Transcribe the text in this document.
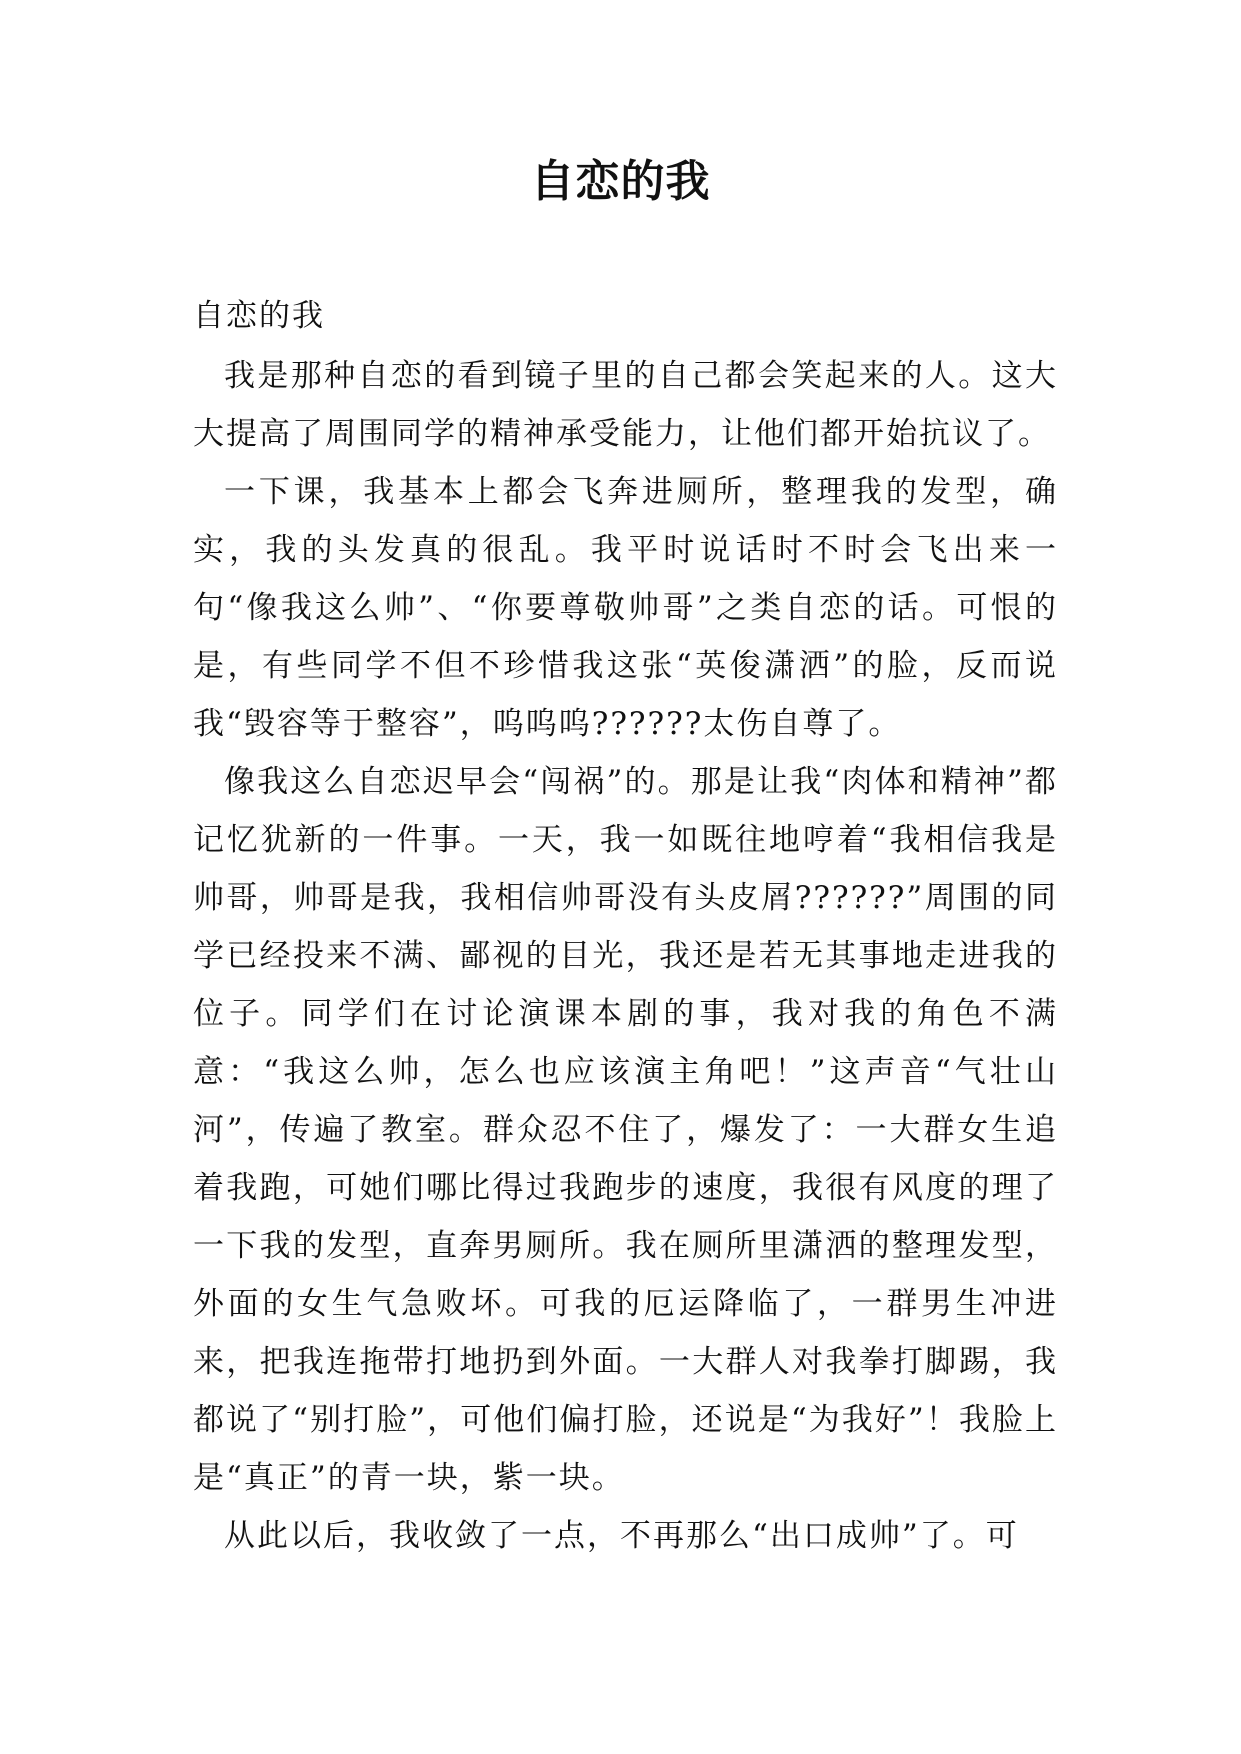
自恋的我

自恋的我

我是那种自恋的看到镜子里的自己都会笑起来的人。这大大提高了周围同学的精神承受能力，让他们都开始抗议了。

一下课，我基本上都会飞奔进厕所，整理我的发型，确实，我的头发真的很乱。我平时说话时不时会飞出来一句“像我这么帅”、“你要尊敬帅哥”之类自恋的话。可恨的是，有些同学不但不珍惜我这张“英俊潇洒”的脸，反而说我“毁容等于整容”，呜呜呜??????太伤自尊了。

像我这么自恋迟早会“闯祸”的。那是让我“肉体和精神”都记忆犹新的一件事。一天，我一如既往地哼着“我相信我是帅哥，帅哥是我，我相信帅哥没有头皮屑??????”周围的同学已经投来不满、鄙视的目光，我还是若无其事地走进我的位子。同学们在讨论演课本剧的事，我对我的角色不满意：“我这么帅，怎么也应该演主角吧！”这声音“气壮山河”，传遍了教室。群众忍不住了，爆发了：一大群女生追着我跑，可她们哪比得过我跑步的速度，我很有风度的理了一下我的发型，直奔男厕所。我在厕所里潇洒的整理发型，外面的女生气急败坏。可我的厄运降临了，一群男生冲进来，把我连拖带打地扔到外面。一大群人对我拳打脚踢，我都说了“别打脸”，可他们偏打脸，还说是“为我好”！我脸上是“真正”的青一块，紫一块。

从此以后，我收敛了一点，不再那么“出口成帅”了。可
